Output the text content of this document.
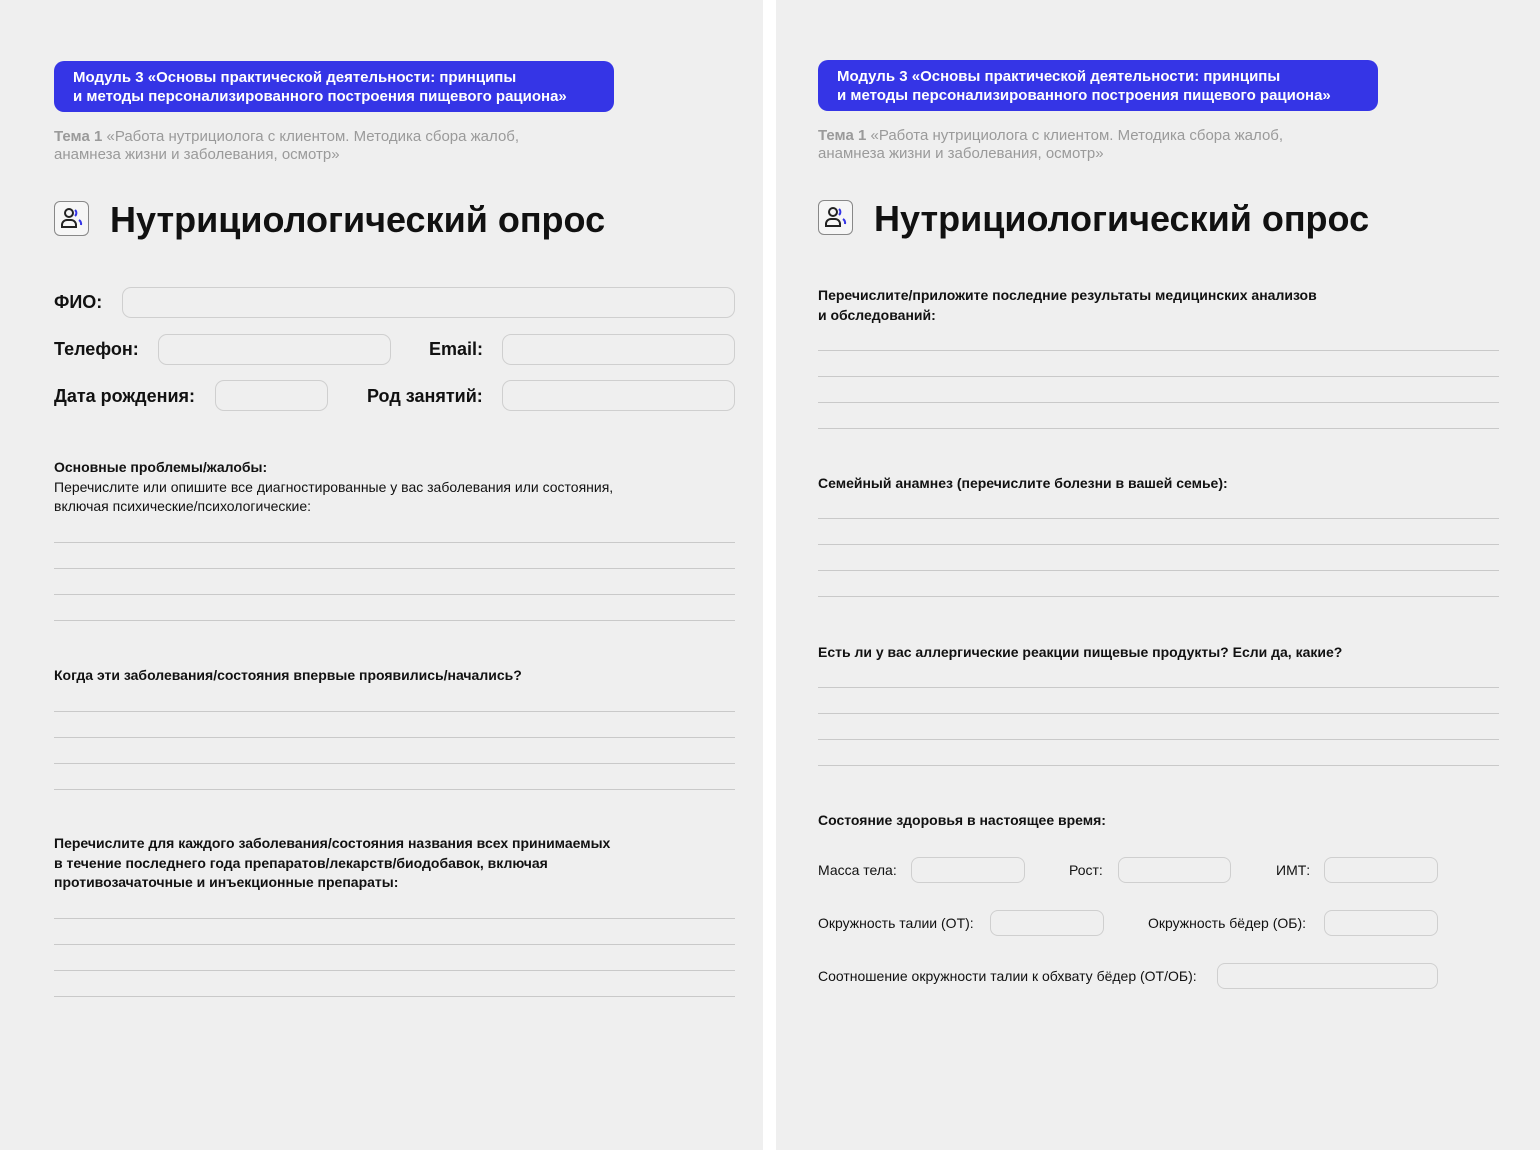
ФИО:
Телефон:	Email:
Дата рождения:	Род занятий:
Основные проблемы/жалобы:
Перечислите или опишите все диагностированные у вас заболевания или состояния,
включая психические/психологические:
Когда эти заболевания/состояния впервые проявились/начались?
Перечислите для каждого заболевания/состояния названия всех принимаемых
в течение последнего года препаратов/лекарств/биодобавок, включая
противозачаточные и инъекционные препараты:
Перечислите/приложите последние результаты медицинских анализов
и обследований:
Семейный анамнез (перечислите болезни в вашей семье):
Есть ли у вас аллергические реакции пищевые продукты? Если да, какие?
Состояние здоровья в настоящее время:
Масса тела:	Рост:	ИМТ:
Окружность талии (ОТ):	Окружность бёдер (ОБ):
Соотношение окружности талии к обхвату бёдер (ОТ/ОБ):
Модуль 3 «Основы практической деятельности: принципы
и методы персонализированного построения пищевого рациона»
Тема 1 «Работа нутрициолога с клиентом. Методика сбора жалоб,
анамнеза жизни и заболевания, осмотр»
Нутрициологический опрос
Модуль 3 «Основы практической деятельности: принципы
и методы персонализированного построения пищевого рациона»
Тема 1 «Работа нутрициолога с клиентом. Методика сбора жалоб,
анамнеза жизни и заболевания, осмотр»
Нутрициологический опрос
